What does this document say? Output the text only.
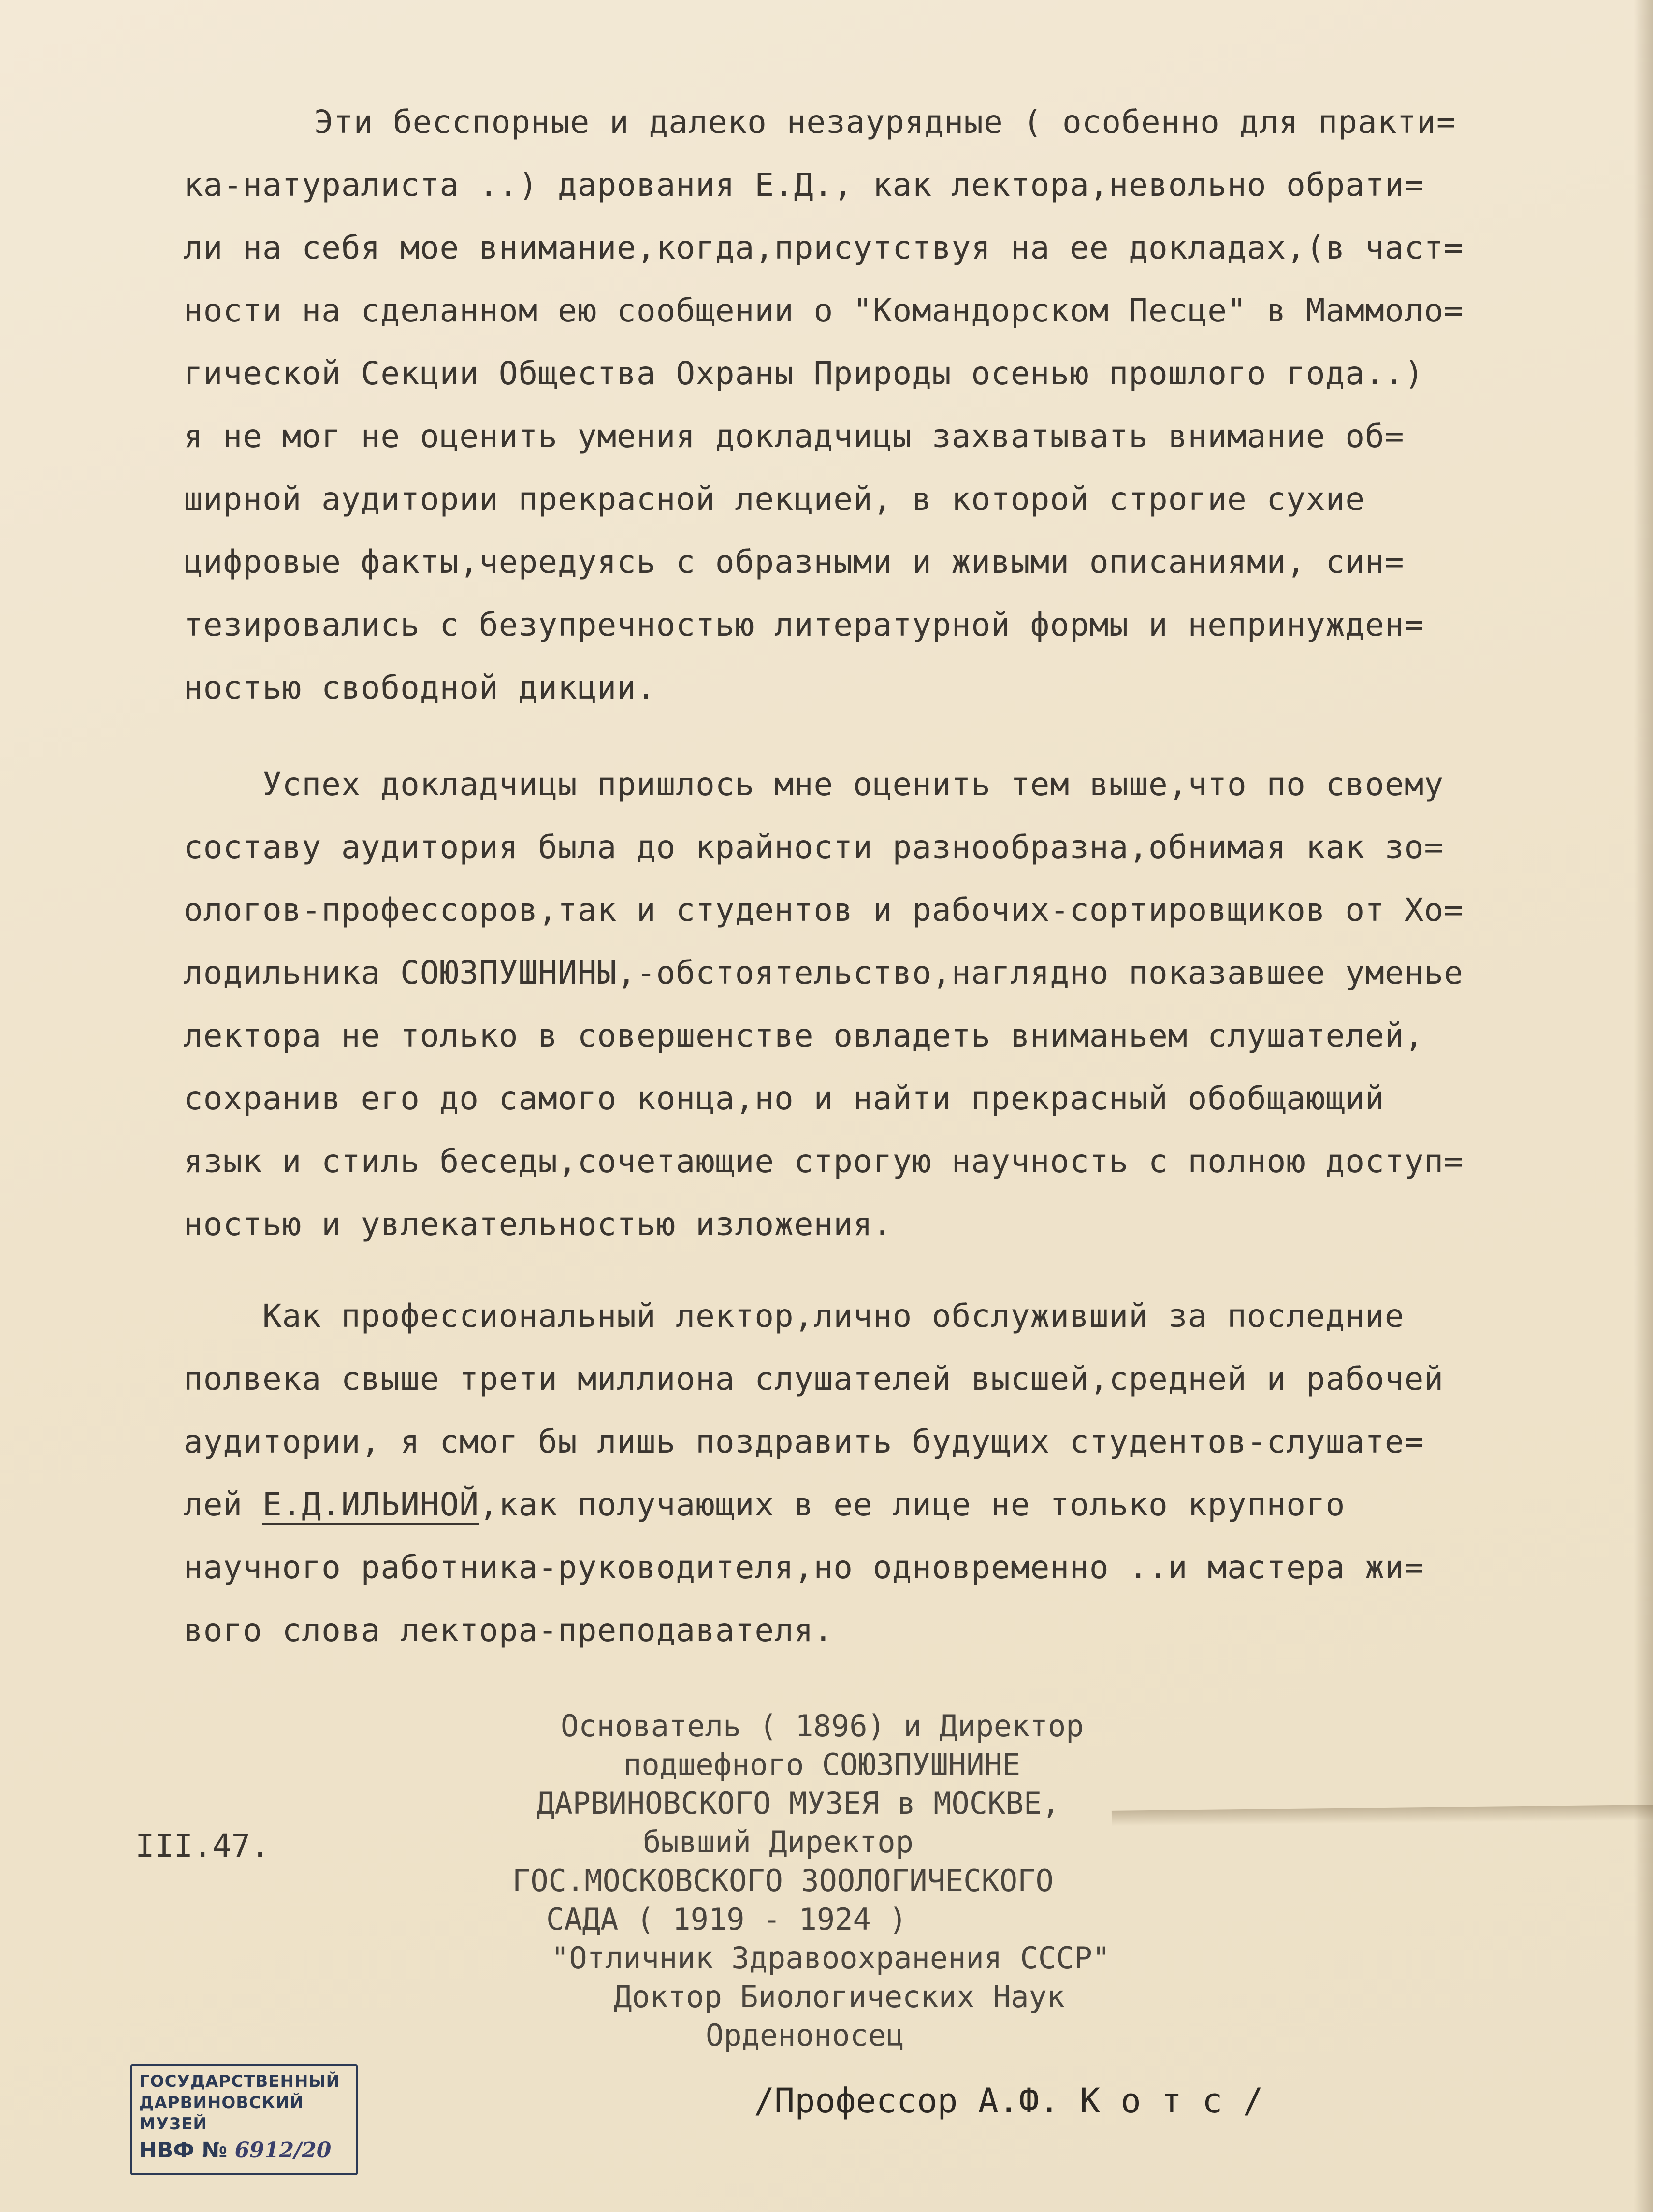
Эти бесспорные и далеко незаурядные ( особенно для практи=
ка-натуралиста ..) дарования Е.Д., как лектора,невольно обрати=
ли на себя мое внимание,когда,присутствуя на ее докладах,(в част=
ности на сделанном ею сообщении о "Командорском Песце" в Маммоло=
гической Секции Общества Охраны Природы осенью прошлого года..)
я не мог не оценить умения докладчицы захватывать внимание об=
ширной аудитории прекрасной лекцией, в которой строгие сухие
цифровые факты,чередуясь с образными и живыми описаниями, син=
тезировались с безупречностью литературной формы и непринужден=
ностью свободной дикции.
Успех докладчицы пришлось мне оценить тем выше,что по своему
составу аудитория была до крайности разнообразна,обнимая как зо=
ологов-профессоров,так и студентов и рабочих-сортировщиков от Хо=
лодильника СОЮЗПУШНИНЫ,-обстоятельство,наглядно показавшее уменье
лектора не только в совершенстве овладеть вниманьем слушателей,
сохранив его до самого конца,но и найти прекрасный обобщающий
язык и стиль беседы,сочетающие строгую научность с полною доступ=
ностью и увлекательностью изложения.
Как профессиональный лектор,лично обслуживший за последние
полвека свыше трети миллиона слушателей высшей,средней и рабочей
аудитории, я смог бы лишь поздравить будущих студентов-слушате=
лей Е.Д.ИЛЬИНОЙ,как получающих в ее лице не только крупного
научного работника-руководителя,но одновременно ..и мастера жи=
вого слова лектора-преподавателя.
Основатель ( 1896) и Директор
подшефного СОЮЗПУШНИНЕ
ДАРВИНОВСКОГО МУЗЕЯ в МОСКВЕ,
бывший Директор
ГОС.МОСКОВСКОГО ЗООЛОГИЧЕСКОГО
САДА ( 1919 - 1924 )
"Отличник Здравоохранения СССР"
Доктор Биологических Наук
Орденоносец
III.47.
/Профессор А.Ф. К о т с /
ГОСУДАРСТВЕННЫЙ
ДАРВИНОВСКИЙ МУЗЕЙ
НВФ № 6912/20
